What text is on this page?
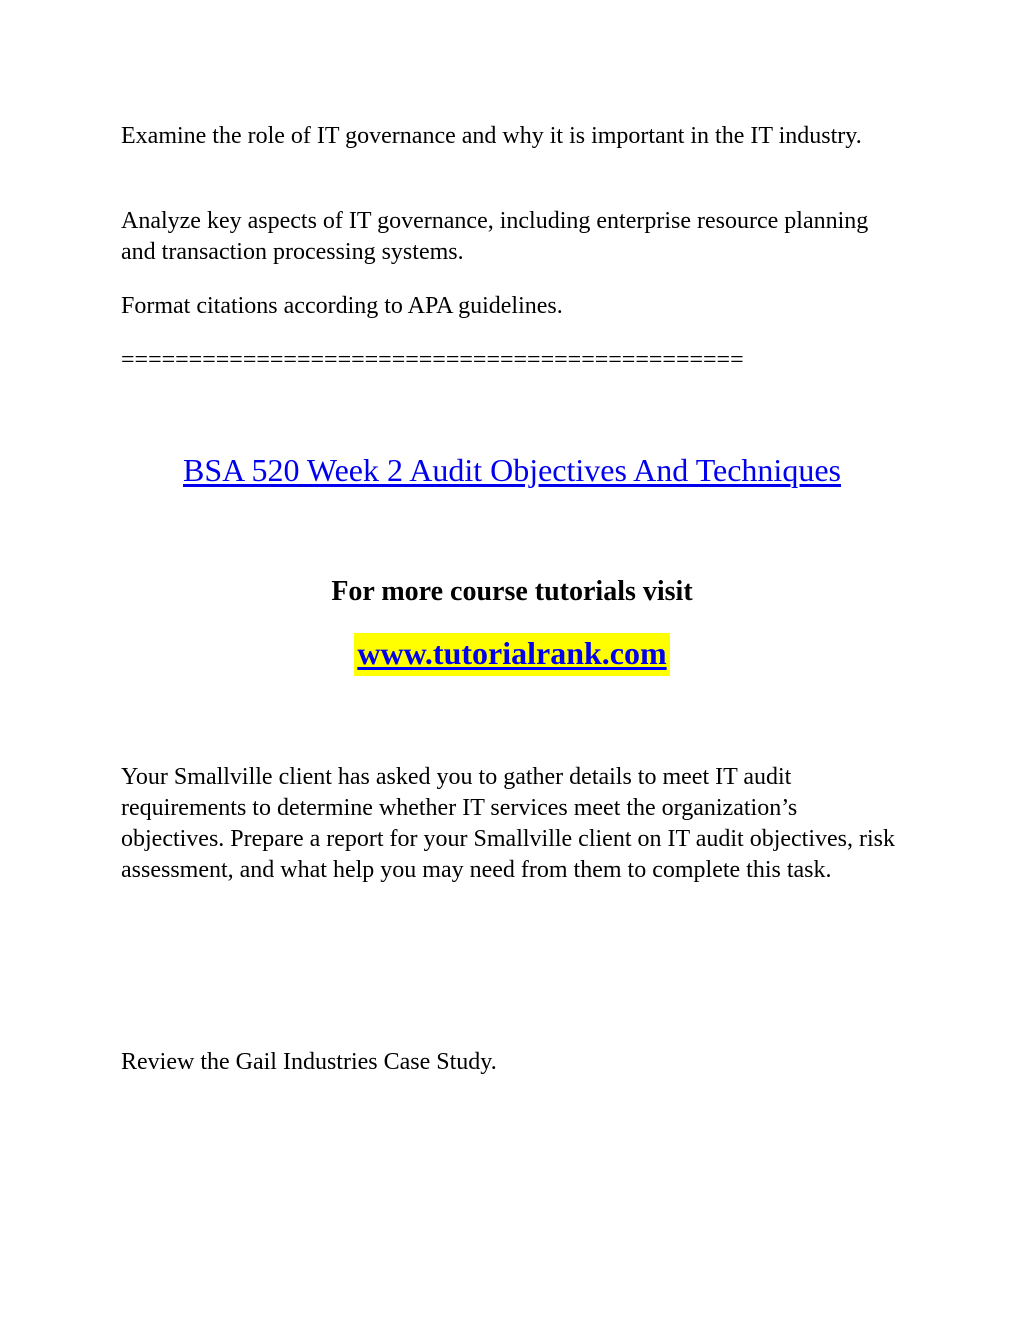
Examine the role of IT governance and why it is important in the IT industry.

Analyze key aspects of IT governance, including enterprise resource planning and transaction processing systems.

Format citations according to APA guidelines.

==============================================

BSA 520 Week 2 Audit Objectives And Techniques

For more course tutorials visit

www.tutorialrank.com

Your Smallville client has asked you to gather details to meet IT audit requirements to determine whether IT services meet the organization’s objectives. Prepare a report for your Smallville client on IT audit objectives, risk assessment, and what help you may need from them to complete this task.

Review the Gail Industries Case Study.
